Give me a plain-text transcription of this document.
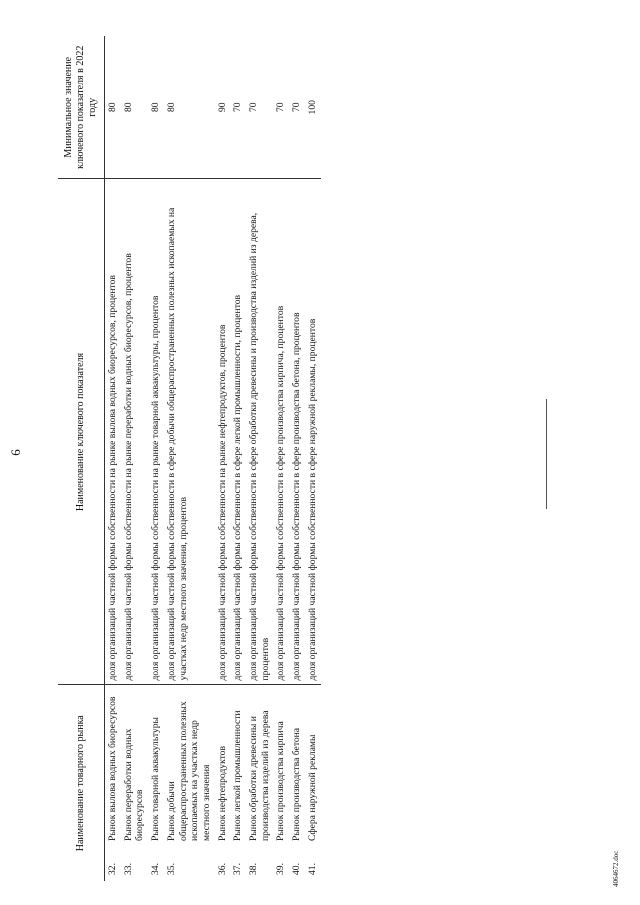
6
Наименование товарного рынка		Наименование ключевого показателя	Минимальное значение ключевого показателя в 2022 году
32.	Рынок вылова водных биоресурсов	доля организаций частной формы собственности на рынке вылова водных биоресурсов, процентов	80
33.	Рынок переработки водных биоресурсов	доля организаций частной формы собственности на рынке переработки водных биоресурсов, процентов	80
34.	Рынок товарной аквакультуры	доля организаций частной формы собственности на рынке товарной аквакультуры, процентов	80
35.	Рынок добычи общераспространенных полезных ископаемых на участках недр местного значения	доля организаций частной формы собственности в сфере добычи общераспространенных полезных ископаемых на участках недр местного значения, процентов	80
36.	Рынок нефтепродуктов	доля организаций частной формы собственности на рынке нефтепродуктов, процентов	90
37.	Рынок легкой промышленности	доля организаций частной формы собственности в сфере легкой промышленности, процентов	70
38.	Рынок обработки древесины и производства изделий из дерева	доля организаций частной формы собственности в сфере обработки древесины и производства изделий из дерева, процентов	70
39.	Рынок производства кирпича	доля организаций частной формы собственности в сфере производства кирпича, процентов	70
40.	Рынок производства бетона	доля организаций частной формы собственности в сфере производства бетона, процентов	70
41.	Сфера наружной рекламы	доля организаций частной формы собственности в сфере наружной рекламы, процентов	100
4064672.doc
